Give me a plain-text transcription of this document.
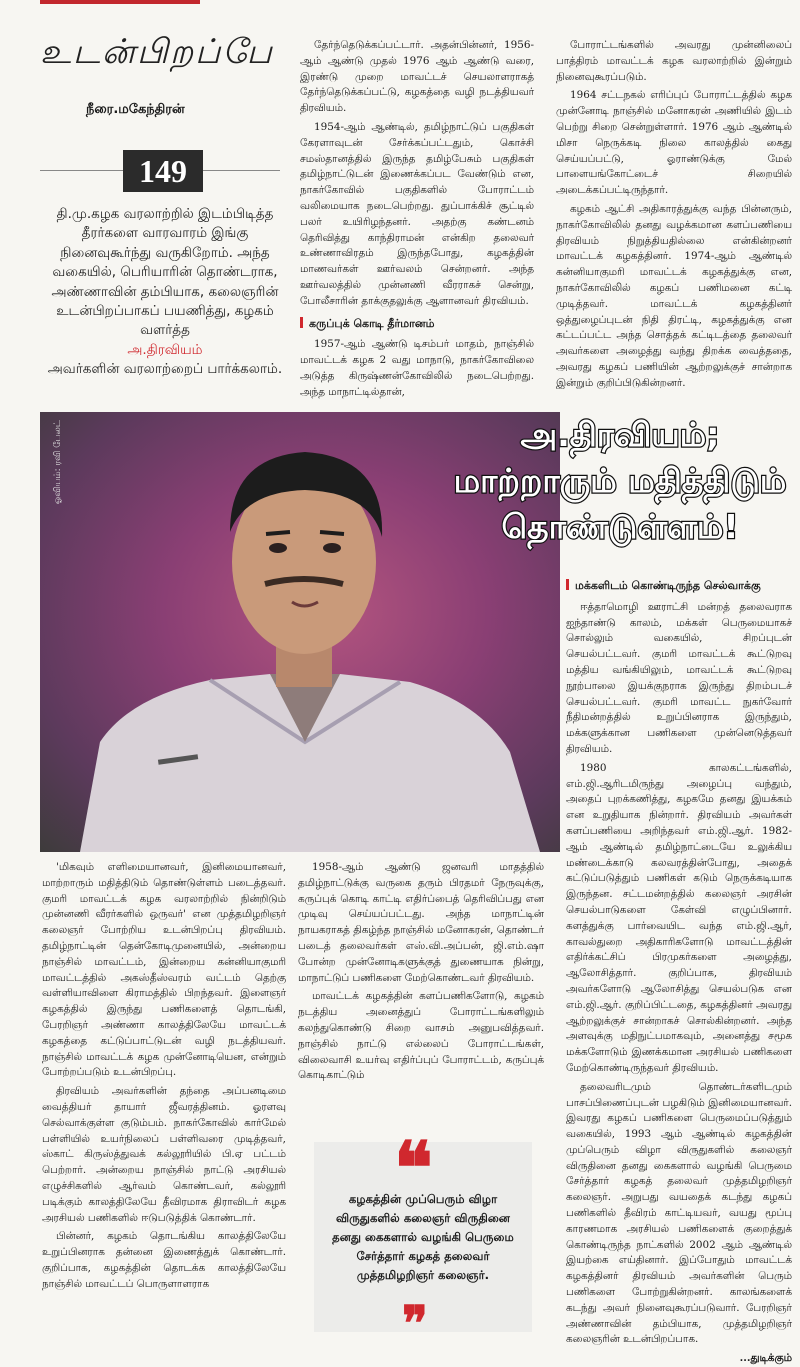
உடன்பிறப்பே
நீரை.மகேந்திரன்
149
தி.மு.கழக வரலாற்றில் இடம்பிடித்த தீரர்களை வாரவாரம் இங்கு நினைவுகூர்ந்து வருகிறோம். அந்த வகையில், பெரியாரின் தொண்டராக, அண்ணாவின் தம்பியாக, கலைஞரின் உடன்பிறப்பாகப் பயணித்து, கழகம் வளர்த்த
அ.திரவியம்
அவர்களின் வரலாற்றைப் பார்க்கலாம்.

தேர்ந்தெடுக்கப்பட்டார். அதன்பின்னர், 1956-ஆம் ஆண்டு முதல் 1976 ஆம் ஆண்டு வரை, இரண்டு முறை மாவட்டச் செயலாளராகத் தேர்ந்தெடுக்கப்பட்டு, கழகத்தை வழி நடத்தியவர் திரவியம்.

1954-ஆம் ஆண்டில், தமிழ்நாட்டுப் பகுதிகள் கேரளாவுடன் சேர்க்கப்பட்டதும், கொச்சி சமஸ்தானத்தில் இருந்த தமிழ்பேசும் பகுதிகள் தமிழ்நாட்டுடன் இணைக்கப்பட வேண்டும் என, நாகர்கோவில் பகுதிகளில் போராட்டம் வலிமையாக நடைபெற்றது. துப்பாக்கிச் சூட்டில் பலர் உயிரிழந்தனர். அதற்கு கண்டனம் தெரிவித்து காந்திராமன் என்கிற தலைவர் உண்ணாவிரதம் இருந்தபோது, கழகத்தின் மாணவர்கள் ஊர்வலம் சென்றனர். அந்த ஊர்வலத்தில் முன்னணி வீரராகச் சென்று, போலீசாரின் தாக்குதலுக்கு ஆளானவர் திரவியம்.

கருப்புக் கொடி தீர்மானம்

1957-ஆம் ஆண்டு டிசம்பர் மாதம், நாஞ்சில் மாவட்டக் கழக 2 வது மாநாடு, நாகர்கோவிலை அடுத்த கிருஷ்ணன்கோவிலில் நடைபெற்றது. அந்த மாநாட்டில்தான்,

போராட்டங்களில் அவரது முன்னிலைப் பாத்திரம் மாவட்டக் கழக வரலாற்றில் இன்றும் நினைவுகூரப்படும்.

1964 சட்டநகல் எரிப்புப் போராட்டத்தில் கழக முன்னோடி நாஞ்சில் மனோகரன் அணியில் இடம் பெற்று சிறை சென்றுள்ளார். 1976 ஆம் ஆண்டில் மிசா நெருக்கடி நிலை காலத்தில் கைது செய்யப்பட்டு, ஓராண்டுக்கு மேல் பாளையங்கோட்டைச் சிறையில் அடைக்கப்பட்டிருந்தார்.

கழகம் ஆட்சி அதிகாரத்துக்கு வந்த பின்னரும், நாகர்கோவிலில் தனது வழக்கமான களப்பணியை திரவியம் நிறுத்தியதில்லை என்கின்றனர் மாவட்டக் கழகத்தினர். 1974-ஆம் ஆண்டில் கன்னியாகுமரி மாவட்டக் கழகத்துக்கு என, நாகர்கோவிலில் கழகப் பணிமனை கட்டி முடித்தவர். மாவட்டக் கழகத்தினர் ஒத்துழைப்புடன் நிதி திரட்டி, கழகத்துக்கு என கட்டப்பட்ட அந்த சொத்தக் கட்டிடத்தை தலைவர் அவர்களை அழைத்து வந்து திறக்க வைத்ததை, அவரது கழகப் பணியின் ஆற்றலுக்குச் சான்றாக இன்றும் குறிப்பிடுகின்றனர்.

ஓவியம்: ரவி பேலட்	அ.திரவியம்;
மாற்றாரும் மதித்திடும்
தொண்டுள்ளம்!
மக்களிடம் கொண்டிருந்த செல்வாக்கு

ஈத்தாமொழி ஊராட்சி மன்றத் தலைவராக ஐந்தாண்டு காலம், மக்கள் பெருமையாகச் சொல்லும் வகையில், சிறப்புடன் செயல்பட்டவர். குமரி மாவட்டக் கூட்டுறவு மத்திய வங்கியிலும், மாவட்டக் கூட்டுறவு நூற்பாலை இயக்குநராக இருந்து திறம்படச் செயல்பட்டவர். குமரி மாவட்ட நுகர்வோர் நீதிமன்றத்தில் உறுப்பினராக இருந்தும், மக்களுக்கான பணிகளை முன்னெடுத்தவர் திரவியம்.

1980 காலகட்டங்களில், எம்.ஜி.ஆரிடமிருந்து அழைப்பு வந்தும், அதைப் புறக்கணித்து, கழகமே தனது இயக்கம் என உறுதியாக நின்றார். திரவியம் அவர்கள் களப்பணியை அறிந்தவர் எம்.ஜி.ஆர். 1982-ஆம் ஆண்டில் தமிழ்நாட்டையே உலுக்கிய மண்டைக்காடு கலவரத்தின்போது, அதைக் கட்டுப்படுத்தும் பணிகள் கடும் நெருக்கடியாக இருந்தன. சட்டமன்றத்தில் கலைஞர் அரசின் செயல்பாடுகளை கேள்வி எழுப்பினார். களத்துக்கு பார்வையிட வந்த எம்.ஜி.ஆர், காவல்துறை அதிகாரிகளோடு மாவட்டத்தின் எதிர்க்கட்சிப் பிரமுகர்களை அழைத்து, ஆலோசித்தார். குறிப்பாக, திரவியம் அவர்களோடு ஆலோசித்து செயல்படுக என எம்.ஜி.ஆர். குறிப்பிட்டதை, கழகத்தினர் அவரது ஆற்றலுக்குச் சான்றாகச் சொல்கின்றனர். அந்த அளவுக்கு மதிநுட்பமாகவும், அனைத்து சமூக மக்களோடும் இணக்கமான அரசியல் பணிகளை மேற்கொண்டிருந்தவர் திரவியம்.

தலைவரிடமும் தொண்டர்களிடமும் பாசப்பிணைப்புடன் பழகிடும் இனிமையானவர். இவரது கழகப் பணிகளை பெருமைப்படுத்தும் வகையில், 1993 ஆம் ஆண்டில் கழகத்தின் முப்பெரும் விழா விருதுகளில் கலைஞர் விருதினை தனது கைகளால் வழங்கி பெருமை சேர்த்தார் கழகத் தலைவர் முத்தமிழறிஞர் கலைஞர். அறுபது வயதைக் கடந்து கழகப் பணிகளில் தீவிரம் காட்டியவர், வயது மூப்பு காரணமாக அரசியல் பணிகளைக் குறைத்துக் கொண்டிருந்த நாட்களில் 2002 ஆம் ஆண்டில் இயற்கை எய்தினார். இப்போதும் மாவட்டக் கழகத்தினர் திரவியம் அவர்களின் பெரும் பணிகளை போற்றுகின்றனர். காலங்களைக் கடந்து அவர் நினைவுகூரப்படுவார். பேரறிஞர் அண்ணாவின் தம்பியாக, முத்தமிழறிஞர் கலைஞரின் உடன்பிறப்பாக.

...துடிக்கும்

'மிகவும் எளிமையானவர், இனிமையானவர், மாற்றாரும் மதித்திடும் தொண்டுள்ளம் படைத்தவர். குமரி மாவட்டக் கழக வரலாற்றில் நின்றிடும் முன்னணி வீரர்களில் ஒருவர்' என முத்தமிழறிஞர் கலைஞர் போற்றிய உடன்பிறப்பு திரவியம். தமிழ்நாட்டின் தென்கோடிமுனையில், அன்றைய நாஞ்சில் மாவட்டம், இன்றைய கன்னியாகுமரி மாவட்டத்தில் அகஸ்தீஸ்வரம் வட்டம் தெற்கு வள்ளியாவிளை கிராமத்தில் பிறந்தவர். இளைஞர் கழகத்தில் இருந்து பணிகளைத் தொடங்கி, பேரறிஞர் அண்ணா காலத்திலேயே மாவட்டக் கழகத்தை கட்டுப்பாட்டுடன் வழி நடத்தியவர். நாஞ்சில் மாவட்டக் கழக முன்னோடியென, என்றும் போற்றப்படும் உடன்பிறப்பு.

திரவியம் அவர்களின் தந்தை அப்பனடிமை வைத்தியர் தாயார் ஜீவரத்தினம். ஓரளவு செல்வாக்குள்ள குடும்பம். நாகர்கோவில் கார்மேல் பள்ளியில் உயர்நிலைப் பள்ளிவரை முடித்தவர், ஸ்காட் கிருஸ்த்துவக் கல்லூரியில் பி.ஏ பட்டம் பெற்றார். அன்றைய நாஞ்சில் நாட்டு அரசியல் எழுச்சிகளில் ஆர்வம் கொண்டவர், கல்லூரி படிக்கும் காலத்திலேயே தீவிரமாக திராவிடர் கழக அரசியல் பணிகளில் ஈடுபடுத்திக் கொண்டார்.

பின்னர், கழகம் தொடங்கிய காலத்திலேயே உறுப்பினராக தன்னை இணைத்துக் கொண்டார். குறிப்பாக, கழகத்தின் தொடக்க காலத்திலேயே நாஞ்சில் மாவட்டப் பொருளாளராக

1958-ஆம் ஆண்டு ஜனவரி மாதத்தில் தமிழ்நாட்டுக்கு வருகை தரும் பிரதமர் நேருவுக்கு, கருப்புக் கொடி காட்டி எதிர்ப்பைத் தெரிவிப்பது என முடிவு செய்யப்பட்டது. அந்த மாநாட்டின் நாயகராகத் திகழ்ந்த நாஞ்சில் மனோகரன், தொண்டர் படைத் தலைவர்கள் எஸ்.வி.அப்பன், ஜி.எம்.ஷா போன்ற முன்னோடிகளுக்குத் துணையாக நின்று, மாநாட்டுப் பணிகளை மேற்கொண்டவர் திரவியம்.

மாவட்டக் கழகத்தின் களப்பணிகளோடு, கழகம் நடத்திய அனைத்துப் போராட்டங்களிலும் கலந்துகொண்டு சிறை வாசம் அனுபவித்தவர். நாஞ்சில் நாட்டு எல்லைப் போராட்டங்கள், விலைவாசி உயர்வு எதிர்ப்புப் போராட்டம், கருப்புக் கொடிகாட்டும்

❝
கழகத்தின் முப்பெரும் விழா விருதுகளில் கலைஞர் விருதினை தனது கைகளால் வழங்கி பெருமை சேர்த்தார் கழகத் தலைவர் முத்தமிழறிஞர் கலைஞர்.
❞
